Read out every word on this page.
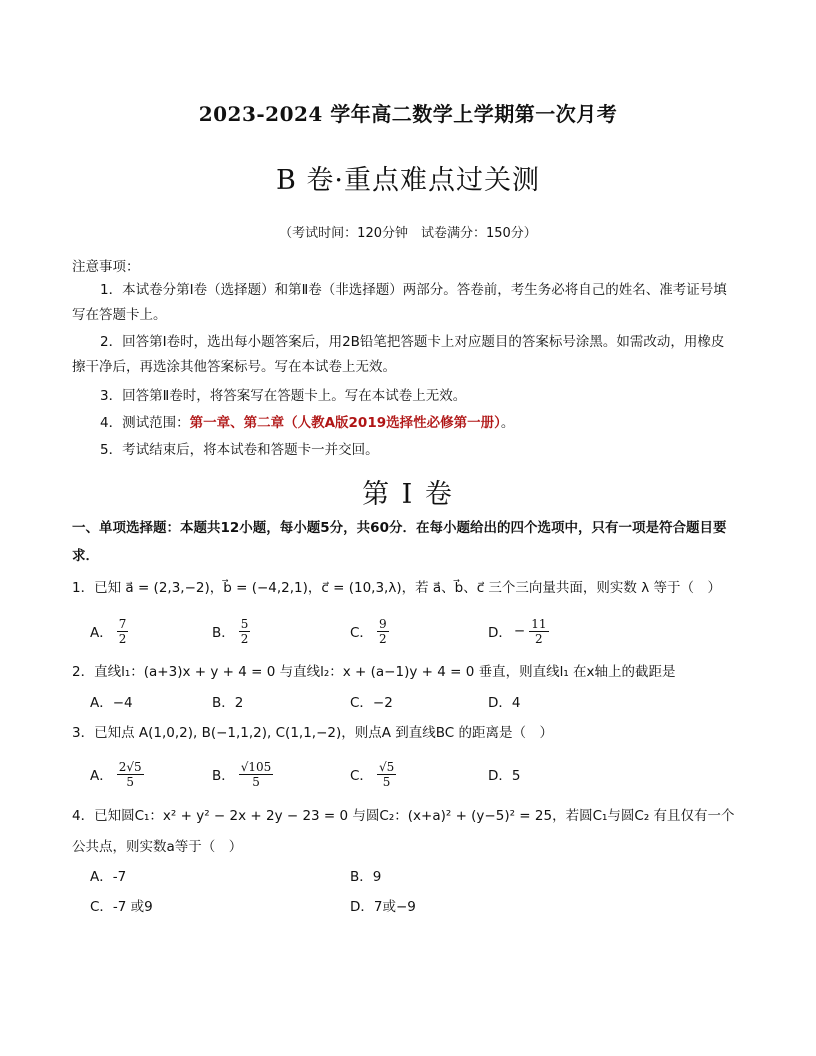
2023-2024 学年高二数学上学期第一次月考
B 卷·重点难点过关测
（考试时间：120分钟　试卷满分：150分）
注意事项：
1．本试卷分第Ⅰ卷（选择题）和第Ⅱ卷（非选择题）两部分。答卷前，考生务必将自己的姓名、准考证号填写在答题卡上。
2．回答第Ⅰ卷时，选出每小题答案后，用2B铅笔把答题卡上对应题目的答案标号涂黑。如需改动，用橡皮擦干净后，再选涂其他答案标号。写在本试卷上无效。
3．回答第Ⅱ卷时，将答案写在答题卡上。写在本试卷上无效。
4．测试范围：第一章、第二章（人教A版2019选择性必修第一册）。
5．考试结束后，将本试卷和答题卡一并交回。
第 I 卷
一、单项选择题：本题共12小题，每小题5分，共60分．在每小题给出的四个选项中，只有一项是符合题目要求．
1．已知 a⃗ = (2,3,−2)，b⃗ = (−4,2,1)，c⃗ = (10,3,λ)，若 a⃗、b⃗、c⃗ 三个三向量共面，则实数 λ 等于（　）
A． $\frac{7}{2}$	B． $\frac{5}{2}$	C． $\frac{9}{2}$	D． − $\frac{11}{2}$
2．直线l₁：(a+3)x + y + 4 = 0 与直线l₂：x + (a−1)y + 4 = 0 垂直，则直线l₁ 在x轴上的截距是
A．−4	B．2	C．−2	D．4
3．已知点 A(1,0,2), B(−1,1,2), C(1,1,−2)，则点A 到直线BC 的距离是（　）
A． $\frac{2√5}{5}$	B． $\frac{√105}{5}$	C． $\frac{√5}{5}$	D．5
4．已知圆C₁：x² + y² − 2x + 2y − 23 = 0 与圆C₂：(x+a)² + (y−5)² = 25，若圆C₁与圆C₂ 有且仅有一个
公共点，则实数a等于（　）
A．-7	B．9
C．-7 或9	D．7或−9
